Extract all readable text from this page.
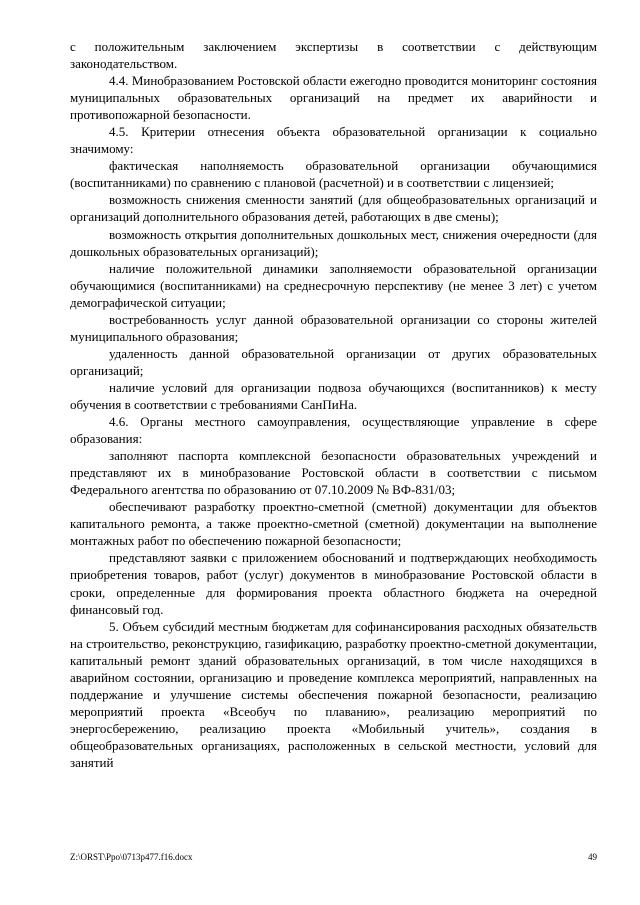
с положительным заключением экспертизы в соответствии с действующим законодательством.

4.4. Минобразованием Ростовской области ежегодно проводится мониторинг состояния муниципальных образовательных организаций на предмет их аварийности и противопожарной безопасности.

4.5. Критерии отнесения объекта образовательной организации к социально значимому:

фактическая наполняемость образовательной организации обучающимися (воспитанниками) по сравнению с плановой (расчетной) и в соответствии с лицензией;

возможность снижения сменности занятий (для общеобразовательных организаций и организаций дополнительного образования детей, работающих в две смены);

возможность открытия дополнительных дошкольных мест, снижения очередности (для дошкольных образовательных организаций);

наличие положительной динамики заполняемости образовательной организации обучающимися (воспитанниками) на среднесрочную перспективу (не менее 3 лет) с учетом демографической ситуации;

востребованность услуг данной образовательной организации со стороны жителей муниципального образования;

удаленность данной образовательной организации от других образовательных организаций;

наличие условий для организации подвоза обучающихся (воспитанников) к месту обучения в соответствии с требованиями СанПиНа.

4.6. Органы местного самоуправления, осуществляющие управление в сфере образования:

заполняют паспорта комплексной безопасности образовательных учреждений и представляют их в минобразование Ростовской области в соответствии с письмом Федерального агентства по образованию от 07.10.2009 № ВФ-831/03;

обеспечивают разработку проектно-сметной (сметной) документации для объектов капитального ремонта, а также проектно-сметной (сметной) документации на выполнение монтажных работ по обеспечению пожарной безопасности;

представляют заявки с приложением обоснований и подтверждающих необходимость приобретения товаров, работ (услуг) документов в минобразование Ростовской области в сроки, определенные для формирования проекта областного бюджета на очередной финансовый год.

5. Объем субсидий местным бюджетам для софинансирования расходных обязательств на строительство, реконструкцию, газификацию, разработку проектно-сметной документации, капитальный ремонт зданий образовательных организаций, в том числе находящихся в аварийном состоянии, организацию и проведение комплекса мероприятий, направленных на поддержание и улучшение системы обеспечения пожарной безопасности, реализацию мероприятий проекта «Всеобуч по плаванию», реализацию мероприятий по энергосбережению, реализацию проекта «Мобильный учитель», создания в общеобразовательных организациях, расположенных в сельской местности, условий для занятий

Z:\ORST\Ppo\0713p477.f16.docx	49
